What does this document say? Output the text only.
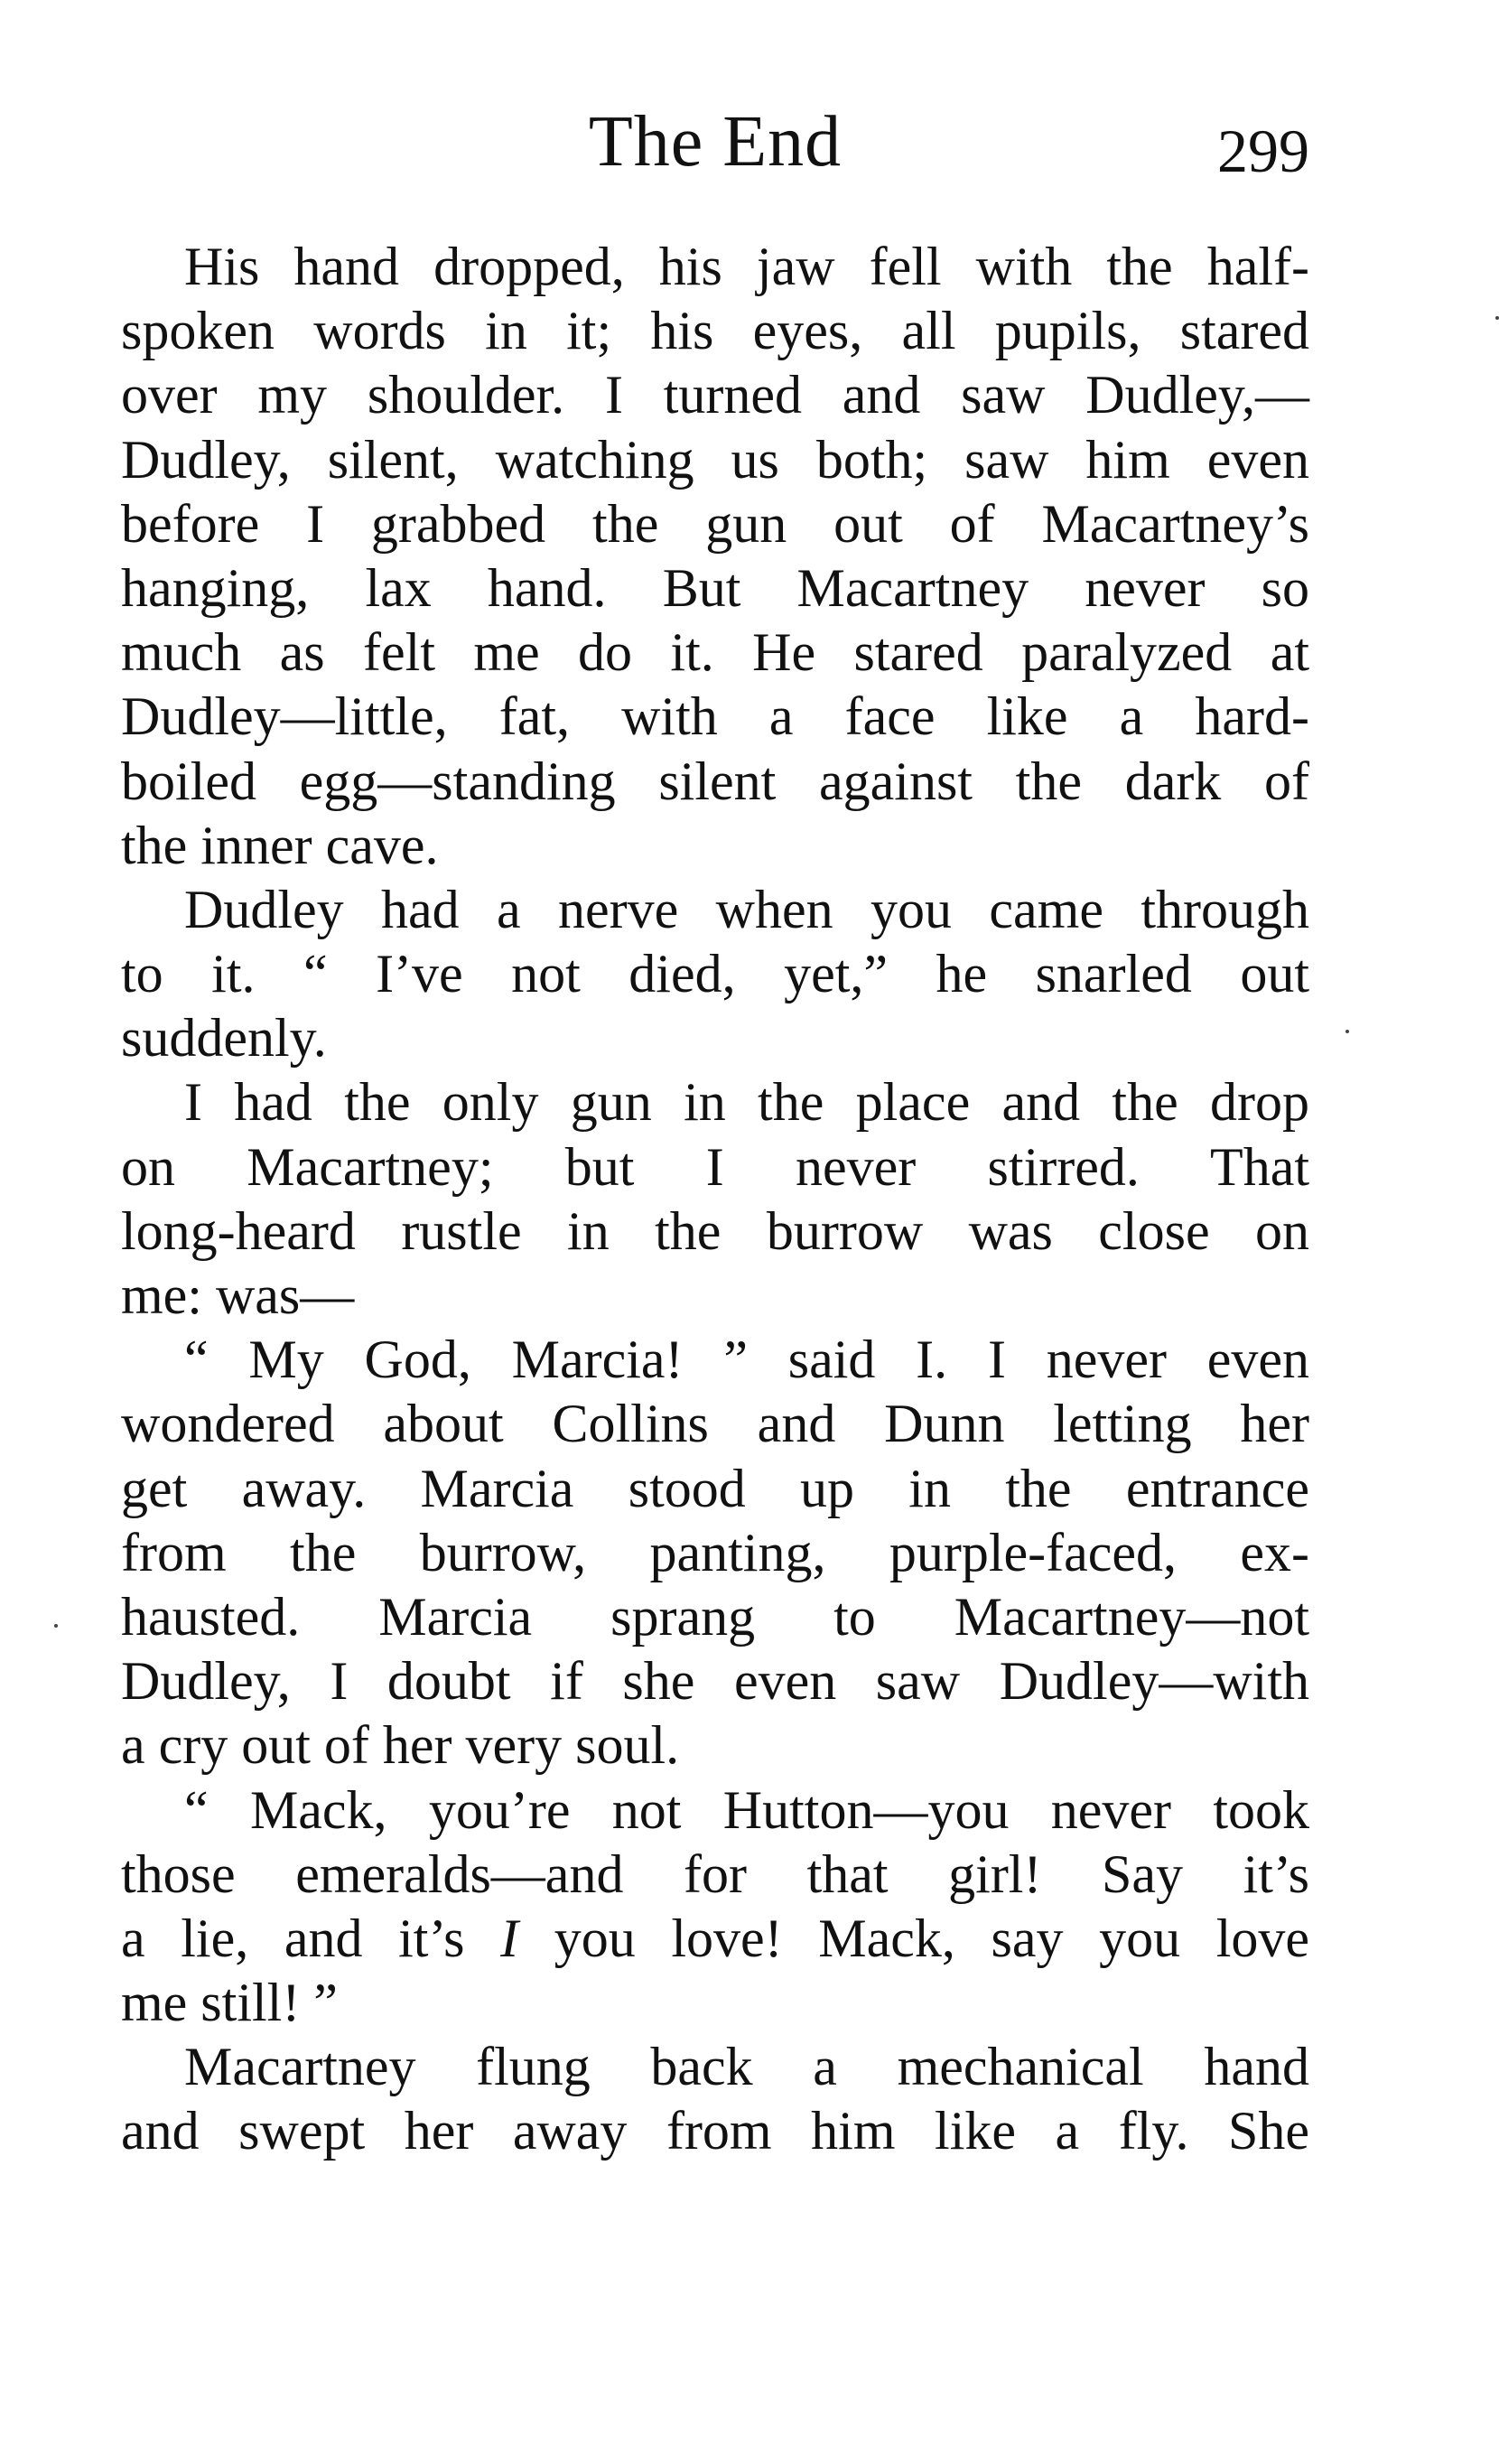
The End	299
His hand dropped, his jaw fell with the half-
spoken words in it; his eyes, all pupils, stared
over my shoulder. I turned and saw Dudley,—
Dudley, silent, watching us both; saw him even
before I grabbed the gun out of Macartney’s
hanging, lax hand. But Macartney never so
much as felt me do it. He stared paralyzed at
Dudley—little, fat, with a face like a hard-
boiled egg—standing silent against the dark of
the inner cave.
Dudley had a nerve when you came through
to it. “ I’ve not died, yet,” he snarled out
suddenly.
I had the only gun in the place and the drop
on Macartney; but I never stirred. That
long-heard rustle in the burrow was close on
me: was—
“ My God, Marcia! ” said I. I never even
wondered about Collins and Dunn letting her
get away. Marcia stood up in the entrance
from the burrow, panting, purple-faced, ex-
hausted. Marcia sprang to Macartney—not
Dudley, I doubt if she even saw Dudley—with
a cry out of her very soul.
“ Mack, you’re not Hutton—you never took
those emeralds—and for that girl! Say it’s
a lie, and it’s I you love! Mack, say you love
me still! ”
Macartney flung back a mechanical hand
and swept her away from him like a fly. She
